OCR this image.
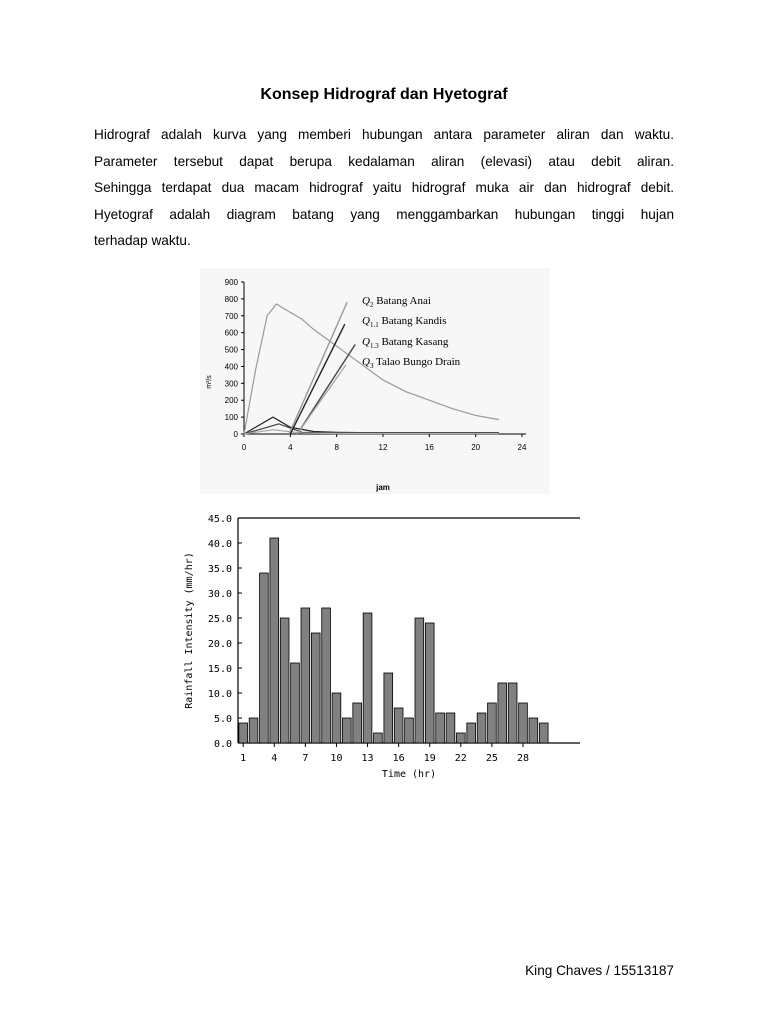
Konsep Hidrograf dan Hyetograf
Hidrograf adalah kurva yang memberi hubungan antara parameter aliran dan waktu.
Parameter tersebut dapat berupa kedalaman aliran (elevasi) atau debit aliran.
Sehingga terdapat dua macam hidrograf yaitu hidrograf muka air dan hidrograf debit.
Hyetograf adalah diagram batang yang menggambarkan hubungan tinggi hujan
terhadap waktu.
0
100
200
300
400
500
600
700
800
900
0	4	8	12	16	20	24
m³/s
jam
$Q_2$ Batang Anai
$Q_{1.1}$ Batang Kandis
$Q_{1.3}$ Batang Kasang
$Q_3$ Talao Bungo Drain
0.0
5.0
10.0
15.0
20.0
25.0
30.0
35.0
40.0
45.0
1	4	7 10 13 16 19 22 25 28
Time (hr)
Rainfall Intensity (mm/hr)
King Chaves / 15513187
